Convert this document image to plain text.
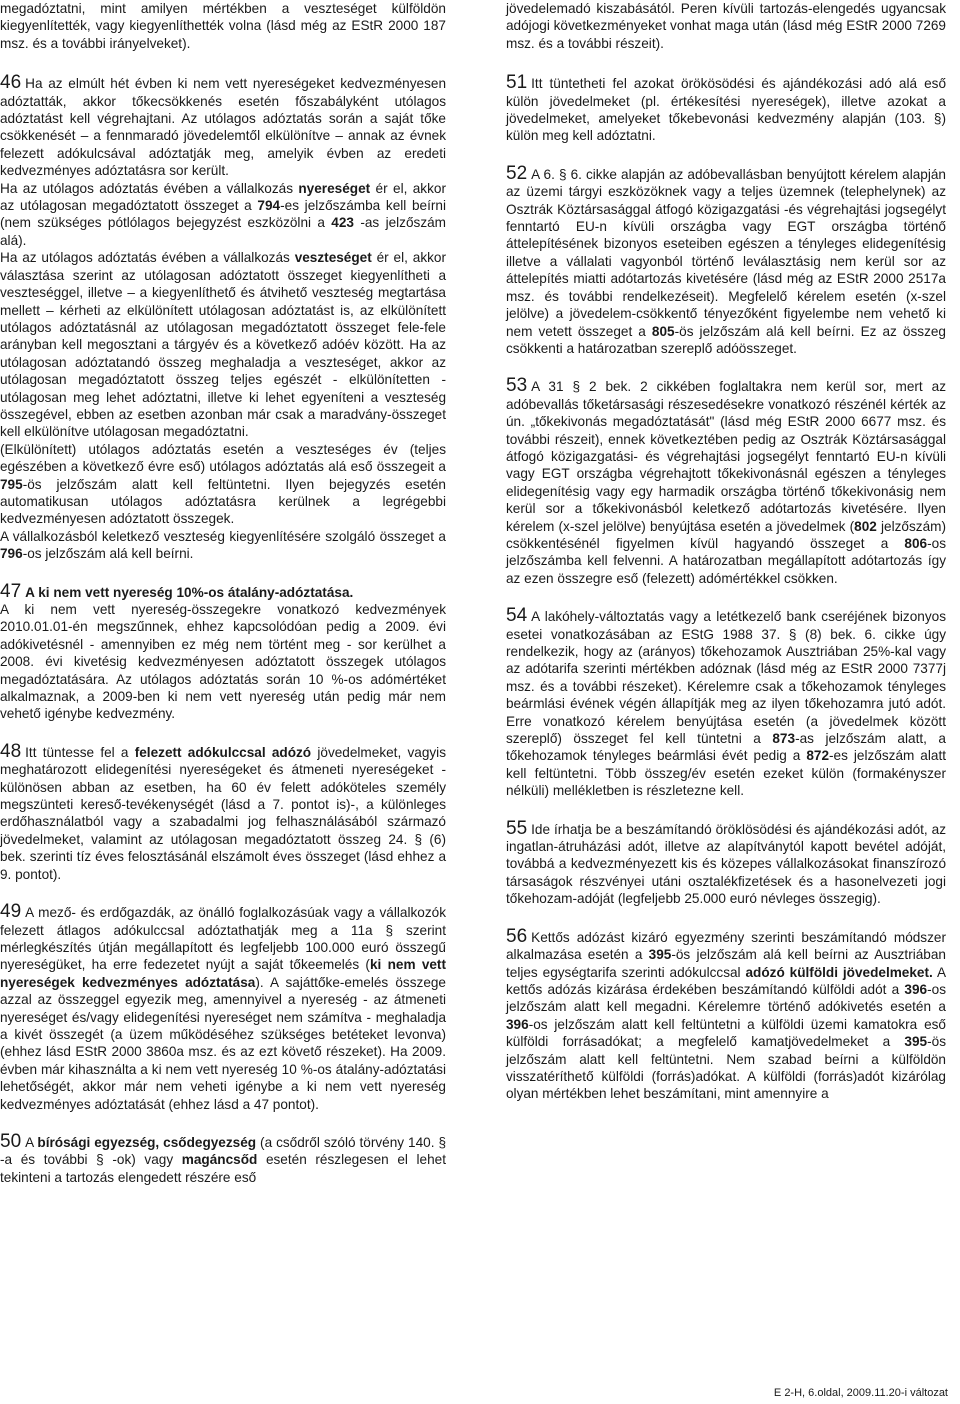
megadóztatni, mint amilyen mértékben a veszteséget külföldön kiegyenlítették, vagy kiegyenlíthették volna (lásd még az EStR 2000 187 msz. és a további irányelveket).

46 Ha az elmúlt hét évben ki nem vett nyereségeket kedvezményesen adóztatták, akkor tőkecsökkenés esetén főszabályként utólagos adóztatást kell végrehajtani. Az utólagos adóztatás során a saját tőke csökkenését – a fennmaradó jövedelemtől elkülönítve – annak az évnek felezett adókulcsával adóztatják meg, amelyik évben az eredeti kedvezményes adóztatásra sor került.

Ha az utólagos adóztatás évében a vállalkozás nyereséget ér el, akkor az utólagosan megadóztatott összeget a 794-es jelzőszámba kell beírni (nem szükséges pótlólagos bejegyzést eszközölni a 423 -as jelzőszám alá).

Ha az utólagos adóztatás évében a vállalkozás veszteséget ér el, akkor választása szerint az utólagosan adóztatott összeget kiegyenlítheti a veszteséggel, illetve – a kiegyenlíthető és átvihető veszteség megtartása mellett – kérheti az elkülönített utólagosan adóztatást is, az elkülönített utólagos adóztatásnál az utólagosan megadóztatott összeget fele-fele arányban kell megosztani a tárgyév és a következő adóév között. Ha az utólagosan adóztatandó összeg meghaladja a veszteséget, akkor az utólagosan megadóztatott összeg teljes egészét - elkülönítetten - utólagosan meg lehet adóztatni, illetve ki lehet egyeníteni a veszteség összegével, ebben az esetben azonban már csak a maradvány-összeget kell elkülönítve utólagosan megadóztatni.

(Elkülönített) utólagos adóztatás esetén a veszteséges év (teljes egészében a következő évre eső) utólagos adóztatás alá eső összegeit a 795-ös jelzőszám alatt kell feltüntetni. Ilyen bejegyzés esetén automatikusan utólagos adóztatásra kerülnek a legrégebbi kedvezményesen adóztatott összegek.

A vállalkozásból keletkező veszteség kiegyenlítésére szolgáló összeget a 796-os jelzőszám alá kell beírni.

47 A ki nem vett nyereség 10%-os átalány-adóztatása.

A ki nem vett nyereség-összegekre vonatkozó kedvezmények 2010.01.01-én megszűnnek, ehhez kapcsolódóan pedig a 2009. évi adókivetésnél - amennyiben ez még nem történt meg - sor kerülhet a 2008. évi kivetésig kedvezményesen adóztatott összegek utólagos megadóztatására. Az utólagos adóztatás során 10 %-os adómértéket alkalmaznak, a 2009-ben ki nem vett nyereség után pedig már nem vehető igénybe kedvezmény.

48 Itt tüntesse fel a felezett adókulccsal adózó jövedelmeket, vagyis meghatározott elidegenítési nyereségeket és átmeneti nyereségeket - különösen abban az esetben, ha 60 év felett adóköteles személy megszünteti kereső-tevékenységét (lásd a 7. pontot is)-, a különleges erdőhasználatból vagy a szabadalmi jog felhasználásából származó jövedelmeket, valamint az utólagosan megadóztatott összeg 24. § (6) bek. szerinti tíz éves felosztásánál elszámolt éves összeget (lásd ehhez a 9. pontot).

49 A mező- és erdőgazdák, az önálló foglalkozásúak vagy a vállalkozók felezett átlagos adókulccsal adóztathatják meg a 11a § szerint mérlegkészítés útján megállapított és legfeljebb 100.000 euró összegű nyereségüket, ha erre fedezetet nyújt a saját tőkeemelés (ki nem vett nyereségek kedvezményes adóztatása). A sajáttőke-emelés összege azzal az összeggel egyezik meg, amennyivel a nyereség - az átmeneti nyereséget és/vagy elidegenítési nyereséget nem számítva - meghaladja a kivét összegét (a üzem működéséhez szükséges betéteket levonva) (ehhez lásd EStR 2000 3860a msz. és az ezt követő részeket). Ha 2009. évben már kihasználta a ki nem vett nyereség 10 %-os átalány-adóztatási lehetőségét, akkor már nem veheti igénybe a ki nem vett nyereség kedvezményes adóztatását (ehhez lásd a 47 pontot).

50 A bírósági egyezség, csődegyezség (a csődről szóló törvény 140. § -a és további § -ok) vagy magáncsőd esetén részlegesen el lehet tekinteni a tartozás elengedett részére eső

jövedelemadó kiszabásától. Peren kívüli tartozás-elengedés ugyancsak adójogi következményeket vonhat maga után (lásd még EStR 2000 7269 msz. és a további részeit).

51 Itt tüntetheti fel azokat örökösödési és ajándékozási adó alá eső külön jövedelmeket (pl. értékesítési nyereségek), illetve azokat a jövedelmeket, amelyeket tőkebevonási kedvezmény alapján (103. §) külön meg kell adóztatni.

52 A 6. § 6. cikke alapján az adóbevallásban benyújtott kérelem alapján az üzemi tárgyi eszközöknek vagy a teljes üzemnek (telephelynek) az Osztrák Köztársasággal átfogó közigazgatási -és végrehajtási jogsegélyt fenntartó EU-n kívüli országba vagy EGT országba történő áttelepítésének bizonyos eseteiben egészen a tényleges elidegenítésig illetve a vállalati vagyonból történő leválasztásig nem kerül sor az áttelepítés miatti adótartozás kivetésére (lásd még az EStR 2000 2517a msz. és további rendelkezéseit). Megfelelő kérelem esetén (x-szel jelölve) a jövedelem-csökkentő tényezőként figyelembe nem vehető ki nem vetett összeget a 805-ös jelzőszám alá kell beírni. Ez az összeg csökkenti a határozatban szereplő adóösszeget.

53 A 31 § 2 bek. 2 cikkében foglaltakra nem kerül sor, mert az adóbevallás tőketársasági részesedésekre vonatkozó részénél kérték az ún. „tőkekivonás megadóztatását" (lásd még EStR 2000 6677 msz. és további részeit), ennek következtében pedig az Osztrák Köztársasággal átfogó közigazgatási- és végrehajtási jogsegélyt fenntartó EU-n kívüli vagy EGT országba végrehajtott tőkekivonásnál egészen a tényleges elidegenítésig vagy egy harmadik országba történő tőkekivonásig nem kerül sor a tőkekivonásból keletkező adótartozás kivetésére. Ilyen kérelem (x-szel jelölve) benyújtása esetén a jövedelmek (802 jelzőszám) csökkentésénél figyelmen kívül hagyandó összeget a 806-os jelzőszámba kell felvenni. A határozatban megállapított adótartozás így az ezen összegre eső (felezett) adómértékkel csökken.

54 A lakóhely-változtatás vagy a letétkezelő bank cseréjének bizonyos esetei vonatkozásában az EStG 1988 37. § (8) bek. 6. cikke úgy rendelkezik, hogy az (arányos) tőkehozamok Ausztriában 25%-kal vagy az adótarifa szerinti mértékben adóznak (lásd még az EStR 2000 7377j msz. és a további részeket). Kérelemre csak a tőkehozamok tényleges beármlási évének végén állapítják meg az ilyen tőkehozamra jutó adót. Erre vonatkozó kérelem benyújtása esetén (a jövedelmek között szereplő) összeget fel kell tüntetni a 873-as jelzőszám alatt, a tőkehozamok tényleges beármlási évét pedig a 872-es jelzőszám alatt kell feltüntetni. Több összeg/év esetén ezeket külön (formakényszer nélküli) mellékletben is részletezne kell.

55 Ide írhatja be a beszámítandó öröklösödési és ajándékozási adót, az ingatlan-átruházási adót, illetve az alapítványtól kapott bevétel adóját, továbbá a kedvezményezett kis és közepes vállalkozásokat finanszírozó társaságok részvényei utáni osztalékfizetések és a hasonelvezeti jogi tőkehozam-adóját (legfeljebb 25.000 euró névleges összegig).

56 Kettős adózást kizáró egyezmény szerinti beszámítandó módszer alkalmazása esetén a 395-ös jelzőszám alá kell beírni az Ausztriában teljes egységtarifa szerinti adókulccsal adózó külföldi jövedelmeket. A kettős adózás kizárása érdekében beszámítandó külföldi adót a 396-os jelzőszám alatt kell megadni. Kérelemre történő adókivetés esetén a 396-os jelzőszám alatt kell feltüntetni a külföldi üzemi kamatokra eső külföldi forrásadókat; a megfelelő kamatjövedelmeket a 395-ös jelzőszám alatt kell feltüntetni. Nem szabad beírni a külföldön visszatéríthető külföldi (forrás)adókat. A külföldi (forrás)adót kizárólag olyan mértékben lehet beszámítani, mint amennyire a

E 2-H, 6.oldal, 2009.11.20-i változat
